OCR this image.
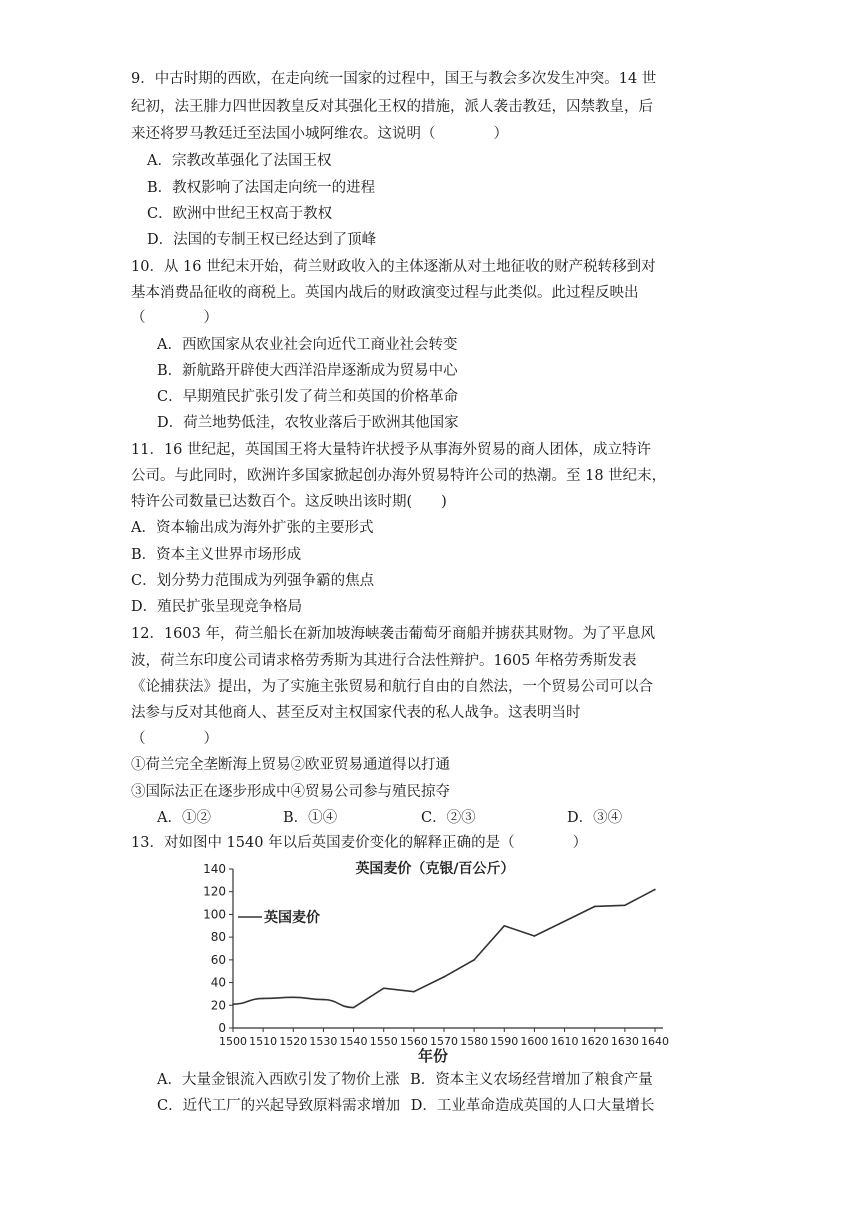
9．中古时期的西欧，在走向统一国家的过程中，国王与教会多次发生冲突。14 世
纪初，法王腓力四世因教皇反对其强化王权的措施，派人袭击教廷，囚禁教皇，后
来还将罗马教廷迁至法国小城阿维农。这说明（　　　　）
A．宗教改革强化了法国王权
B．教权影响了法国走向统一的进程
C．欧洲中世纪王权高于教权
D．法国的专制王权已经达到了顶峰
10．从 16 世纪末开始，荷兰财政收入的主体逐渐从对土地征收的财产税转移到对
基本消费品征收的商税上。英国内战后的财政演变过程与此类似。此过程反映出
（　　　　）
A．西欧国家从农业社会向近代工商业社会转变
B．新航路开辟使大西洋沿岸逐渐成为贸易中心
C．早期殖民扩张引发了荷兰和英国的价格革命
D．荷兰地势低洼，农牧业落后于欧洲其他国家
11．16 世纪起，英国国王将大量特许状授予从事海外贸易的商人团体，成立特许
公司。与此同时，欧洲许多国家掀起创办海外贸易特许公司的热潮。至 18 世纪末，
特许公司数量已达数百个。这反映出该时期(　　)
A．资本输出成为海外扩张的主要形式
B．资本主义世界市场形成
C．划分势力范围成为列强争霸的焦点
D．殖民扩张呈现竞争格局
12．1603 年，荷兰船长在新加坡海峡袭击葡萄牙商船并掳获其财物。为了平息风
波，荷兰东印度公司请求格劳秀斯为其进行合法性辩护。1605 年格劳秀斯发表
《论捕获法》提出，为了实施主张贸易和航行自由的自然法，一个贸易公司可以合
法参与反对其他商人、甚至反对主权国家代表的私人战争。这表明当时
（　　　　）
①荷兰完全垄断海上贸易②欧亚贸易通道得以打通
③国际法正在逐步形成中④贸易公司参与殖民掠夺
A．①②	B．①④	C．②③	D．③④
13．对如图中 1540 年以后英国麦价变化的解释正确的是（　　　　）
英国麦价（克银/百公斤）
0
20
40
60
80
100
120
140
1500 1510 1520 1530 1540 1550 1560 1570 1580 1590 1600 1610 1620 1630 1640
英国麦价
年份
A．大量金银流入西欧引发了物价上涨 B．资本主义农场经营增加了粮食产量
C．近代工厂的兴起导致原料需求增加 D．工业革命造成英国的人口大量增长
